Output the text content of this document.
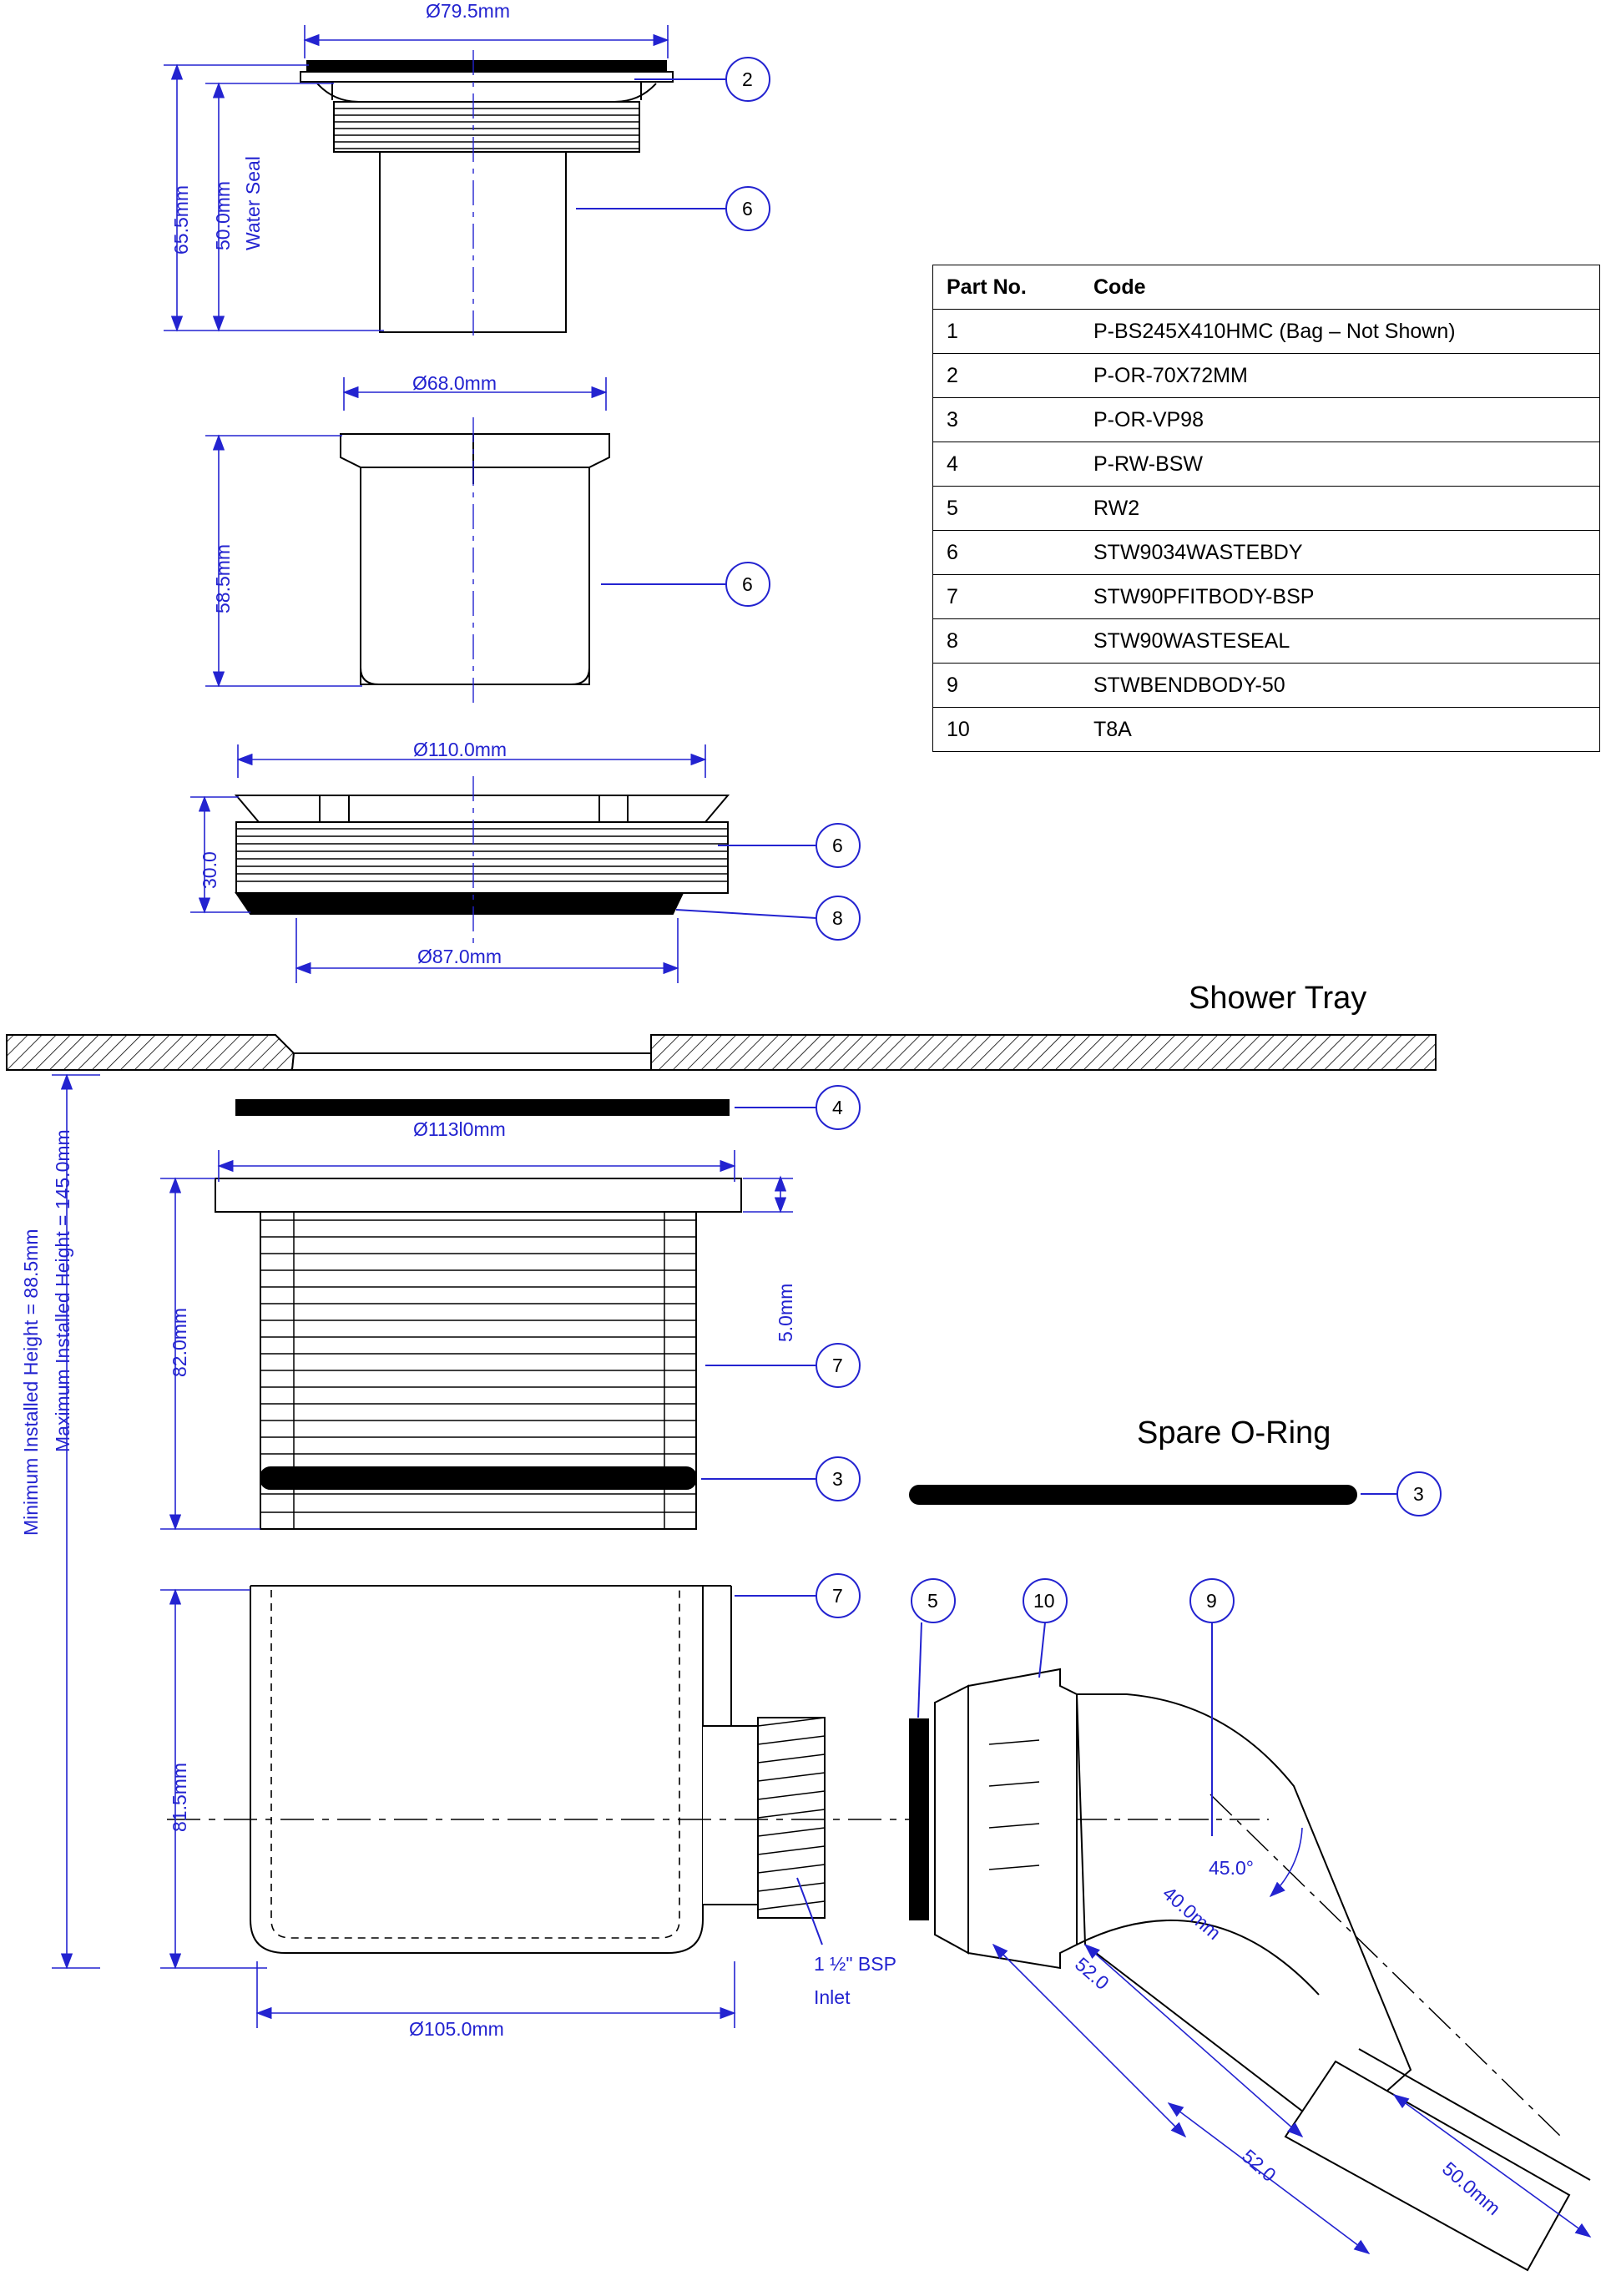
Ø79.5mm
65.5mm 50.0mm Water Seal
Ø68.0mm
58.5mm
Ø110.0mm
30.0
Ø87.0mm
Shower Tray
Spare O-Ring
Ø113l0mm
5.0mm
82.0mm
81.5mm
Ø105.0mm
Minimum Installed Height = 88.5mm Maximum Installed Height = 145.0mm
1 ½" BSP
Inlet
45.0°
40.0mm
52.0
52.0	50.0mm
2
6
6
6
8
4
7
3
3
7	5	10	9
Part No.	Code
1	P-BS245X410HMC (Bag – Not Shown)
2	P-OR-70X72MM
3	P-OR-VP98
4	P-RW-BSW
5	RW2
6	STW9034WASTEBDY
7	STW90PFITBODY-BSP
8	STW90WASTESEAL
9	STWBENDBODY-50
10	T8A
